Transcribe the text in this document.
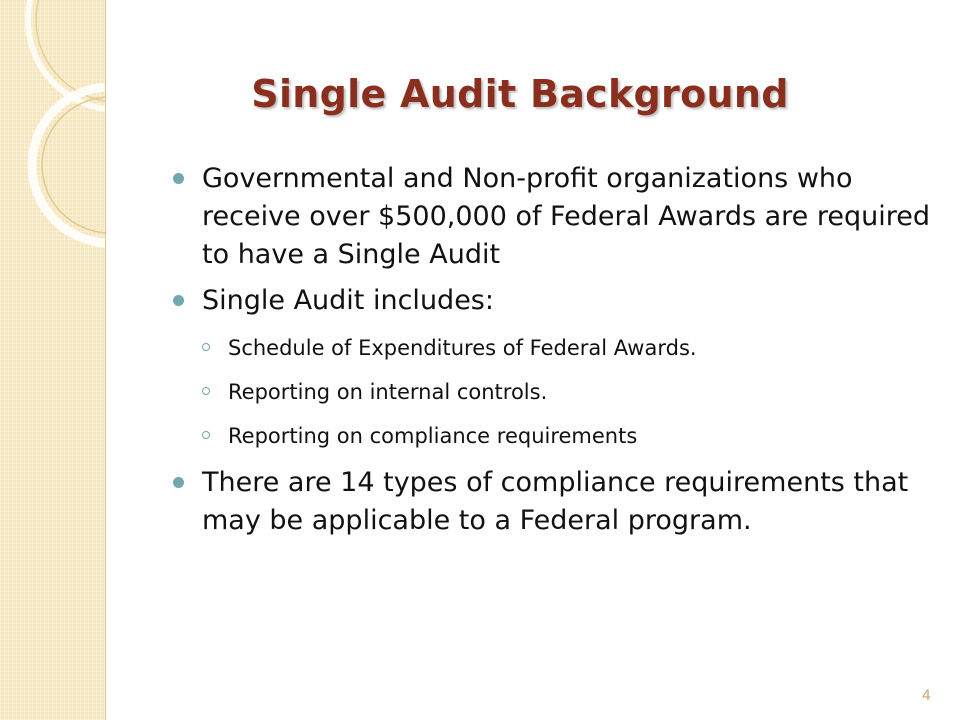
Single Audit Background
Governmental and Non-profit organizations who receive over $500,000 of Federal Awards are required to have a Single Audit
Single Audit includes:
Schedule of Expenditures of Federal Awards.
Reporting on internal controls.
Reporting on compliance requirements
There are 14 types of compliance requirements that may be applicable to a Federal program.
4
